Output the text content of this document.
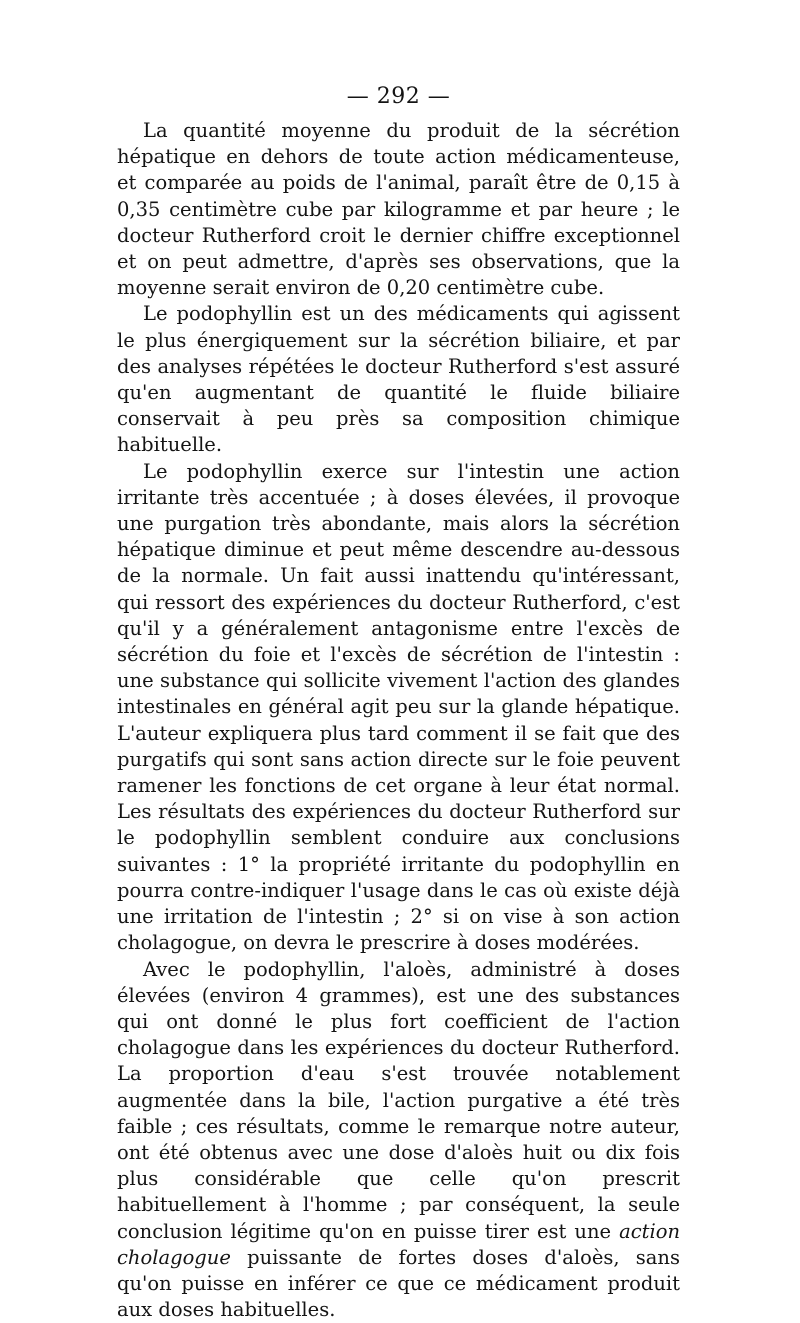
— 292 —

La quantité moyenne du produit de la sécrétion hépatique en dehors de toute action médicamenteuse, et comparée au poids de l'animal, paraît être de 0,15 à 0,35 centimètre cube par kilogramme et par heure ; le docteur Rutherford croit le dernier chiffre exceptionnel et on peut admettre, d'après ses observations, que la moyenne serait environ de 0,20 centimètre cube.

Le podophyllin est un des médicaments qui agissent le plus énergiquement sur la sécrétion biliaire, et par des analyses répétées le docteur Rutherford s'est assuré qu'en augmentant de quantité le fluide biliaire conservait à peu près sa composition chimique habituelle.

Le podophyllin exerce sur l'intestin une action irritante très accentuée ; à doses élevées, il provoque une purgation très abondante, mais alors la sécrétion hépatique diminue et peut même descendre au-dessous de la normale. Un fait aussi inattendu qu'intéressant, qui ressort des expériences du docteur Rutherford, c'est qu'il y a généralement antagonisme entre l'excès de sécrétion du foie et l'excès de sécrétion de l'intestin : une substance qui sollicite vivement l'action des glandes intestinales en général agit peu sur la glande hépatique. L'auteur expliquera plus tard comment il se fait que des purgatifs qui sont sans action directe sur le foie peuvent ramener les fonctions de cet organe à leur état normal. Les résultats des expériences du docteur Rutherford sur le podophyllin semblent conduire aux conclusions suivantes : 1° la propriété irritante du podophyllin en pourra contre-indiquer l'usage dans le cas où existe déjà une irritation de l'intestin ; 2° si on vise à son action cholagogue, on devra le prescrire à doses modérées.

Avec le podophyllin, l'aloès, administré à doses élevées (environ 4 grammes), est une des substances qui ont donné le plus fort coefficient de l'action cholagogue dans les expériences du docteur Rutherford. La proportion d'eau s'est trouvée notablement augmentée dans la bile, l'action purgative a été très faible ; ces résultats, comme le remarque notre auteur, ont été obtenus avec une dose d'aloès huit ou dix fois plus considérable que celle qu'on prescrit habituellement à l'homme ; par conséquent, la seule conclusion légitime qu'on en puisse tirer est une action cholagogue puissante de fortes doses d'aloès, sans qu'on puisse en inférer ce que ce médicament produit aux doses habituelles.
